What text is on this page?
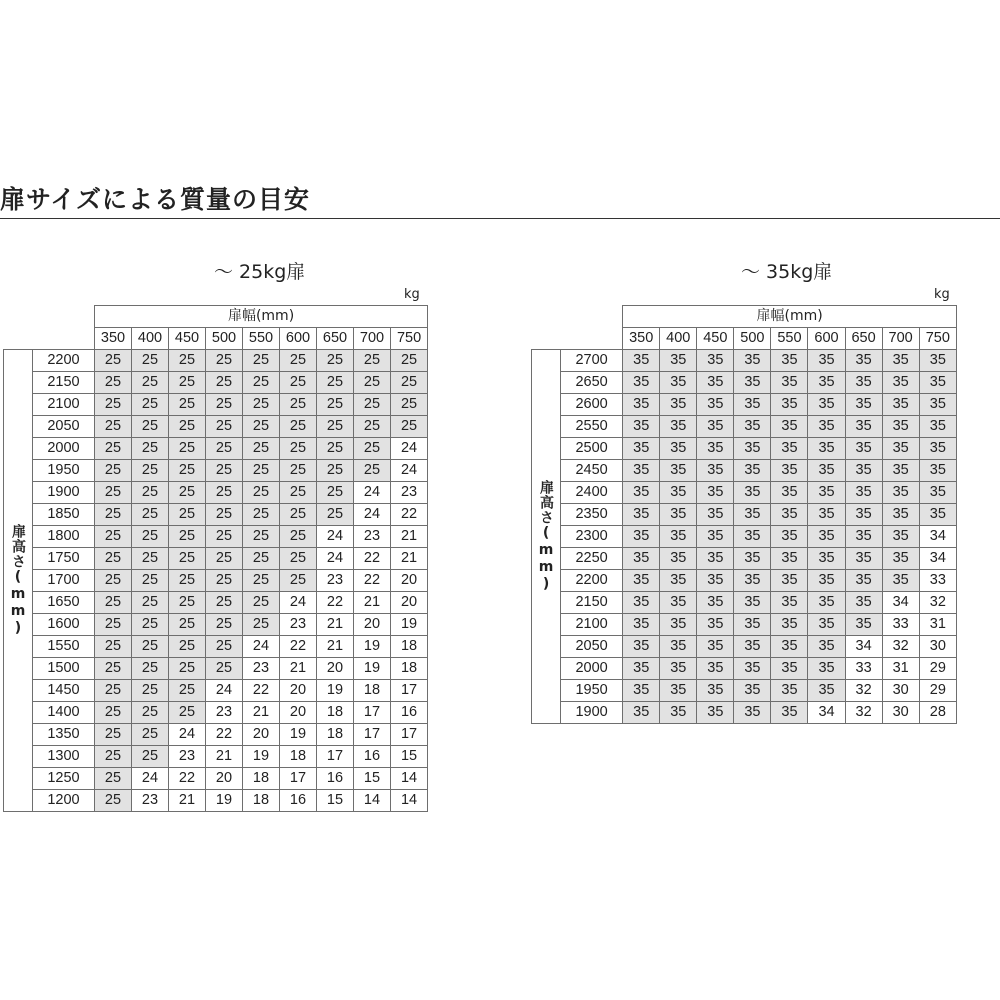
扉サイズによる質量の目安
～ 25kg扉
kg
		扉幅(mm)								
		350	400	450	500	550	600	650	700	750
扉高さ(mm)	2200	25	25	25	25	25	25	25	25	25
	2150	25	25	25	25	25	25	25	25	25
	2100	25	25	25	25	25	25	25	25	25
	2050	25	25	25	25	25	25	25	25	25
	2000	25	25	25	25	25	25	25	25	24
	1950	25	25	25	25	25	25	25	25	24
	1900	25	25	25	25	25	25	25	24	23
	1850	25	25	25	25	25	25	25	24	22
	1800	25	25	25	25	25	25	24	23	21
	1750	25	25	25	25	25	25	24	22	21
	1700	25	25	25	25	25	25	23	22	20
	1650	25	25	25	25	25	24	22	21	20
	1600	25	25	25	25	25	23	21	20	19
	1550	25	25	25	25	24	22	21	19	18
	1500	25	25	25	25	23	21	20	19	18
	1450	25	25	25	24	22	20	19	18	17
	1400	25	25	25	23	21	20	18	17	16
	1350	25	25	24	22	20	19	18	17	17
	1300	25	25	23	21	19	18	17	16	15
	1250	25	24	22	20	18	17	16	15	14
	1200	25	23	21	19	18	16	15	14	14
～ 35kg扉
kg
		扉幅(mm)								
		350	400	450	500	550	600	650	700	750
扉高さ(mm)	2700	35	35	35	35	35	35	35	35	35
	2650	35	35	35	35	35	35	35	35	35
	2600	35	35	35	35	35	35	35	35	35
	2550	35	35	35	35	35	35	35	35	35
	2500	35	35	35	35	35	35	35	35	35
	2450	35	35	35	35	35	35	35	35	35
	2400	35	35	35	35	35	35	35	35	35
	2350	35	35	35	35	35	35	35	35	35
	2300	35	35	35	35	35	35	35	35	34
	2250	35	35	35	35	35	35	35	35	34
	2200	35	35	35	35	35	35	35	35	33
	2150	35	35	35	35	35	35	35	34	32
	2100	35	35	35	35	35	35	35	33	31
	2050	35	35	35	35	35	35	34	32	30
	2000	35	35	35	35	35	35	33	31	29
	1950	35	35	35	35	35	35	32	30	29
	1900	35	35	35	35	35	34	32	30	28
